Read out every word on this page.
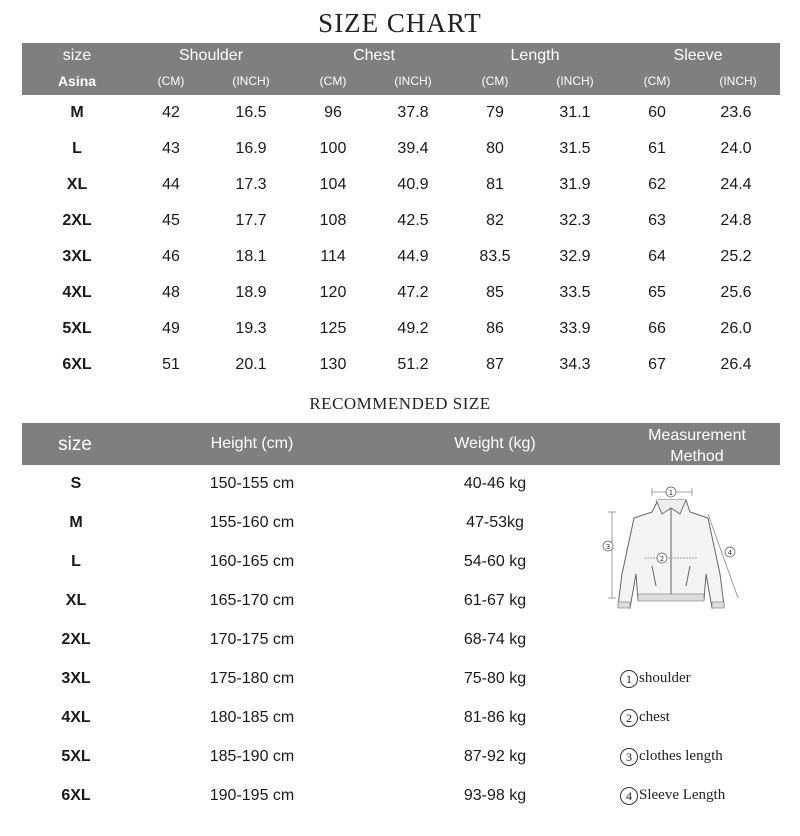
SIZE CHART
size	Shoulder	Chest	Length	Sleeve
Asina	(CM)	(INCH)	(CM)	(INCH)	(CM)	(INCH)	(CM)	(INCH)
M	42	16.5	96	37.8	79	31.1	60	23.6
L	43	16.9	100	39.4	80	31.5	61	24.0
XL	44	17.3	104	40.9	81	31.9	62	24.4
2XL	45	17.7	108	42.5	82	32.3	63	24.8
3XL	46	18.1	114	44.9	83.5	32.9	64	25.2
4XL	48	18.9	120	47.2	85	33.5	65	25.6
5XL	49	19.3	125	49.2	86	33.9	66	26.0
6XL	51	20.1	130	51.2	87	34.3	67	26.4
RECOMMENDED SIZE
size	Height (cm)	Weight (kg)	Measurement
Method
S	150-155 cm	40-46 kg
M	155-160 cm	47-53kg
L	160-165 cm	54-60 kg
XL	165-170 cm	61-67 kg
2XL	170-175 cm	68-74 kg
3XL	175-180 cm	75-80 kg
4XL	180-185 cm	81-86 kg
5XL	185-190 cm	87-92 kg
6XL	190-195 cm	93-98 kg
1
2
3
4
1 shoulder
2 chest
3 clothes length
4 Sleeve Length
